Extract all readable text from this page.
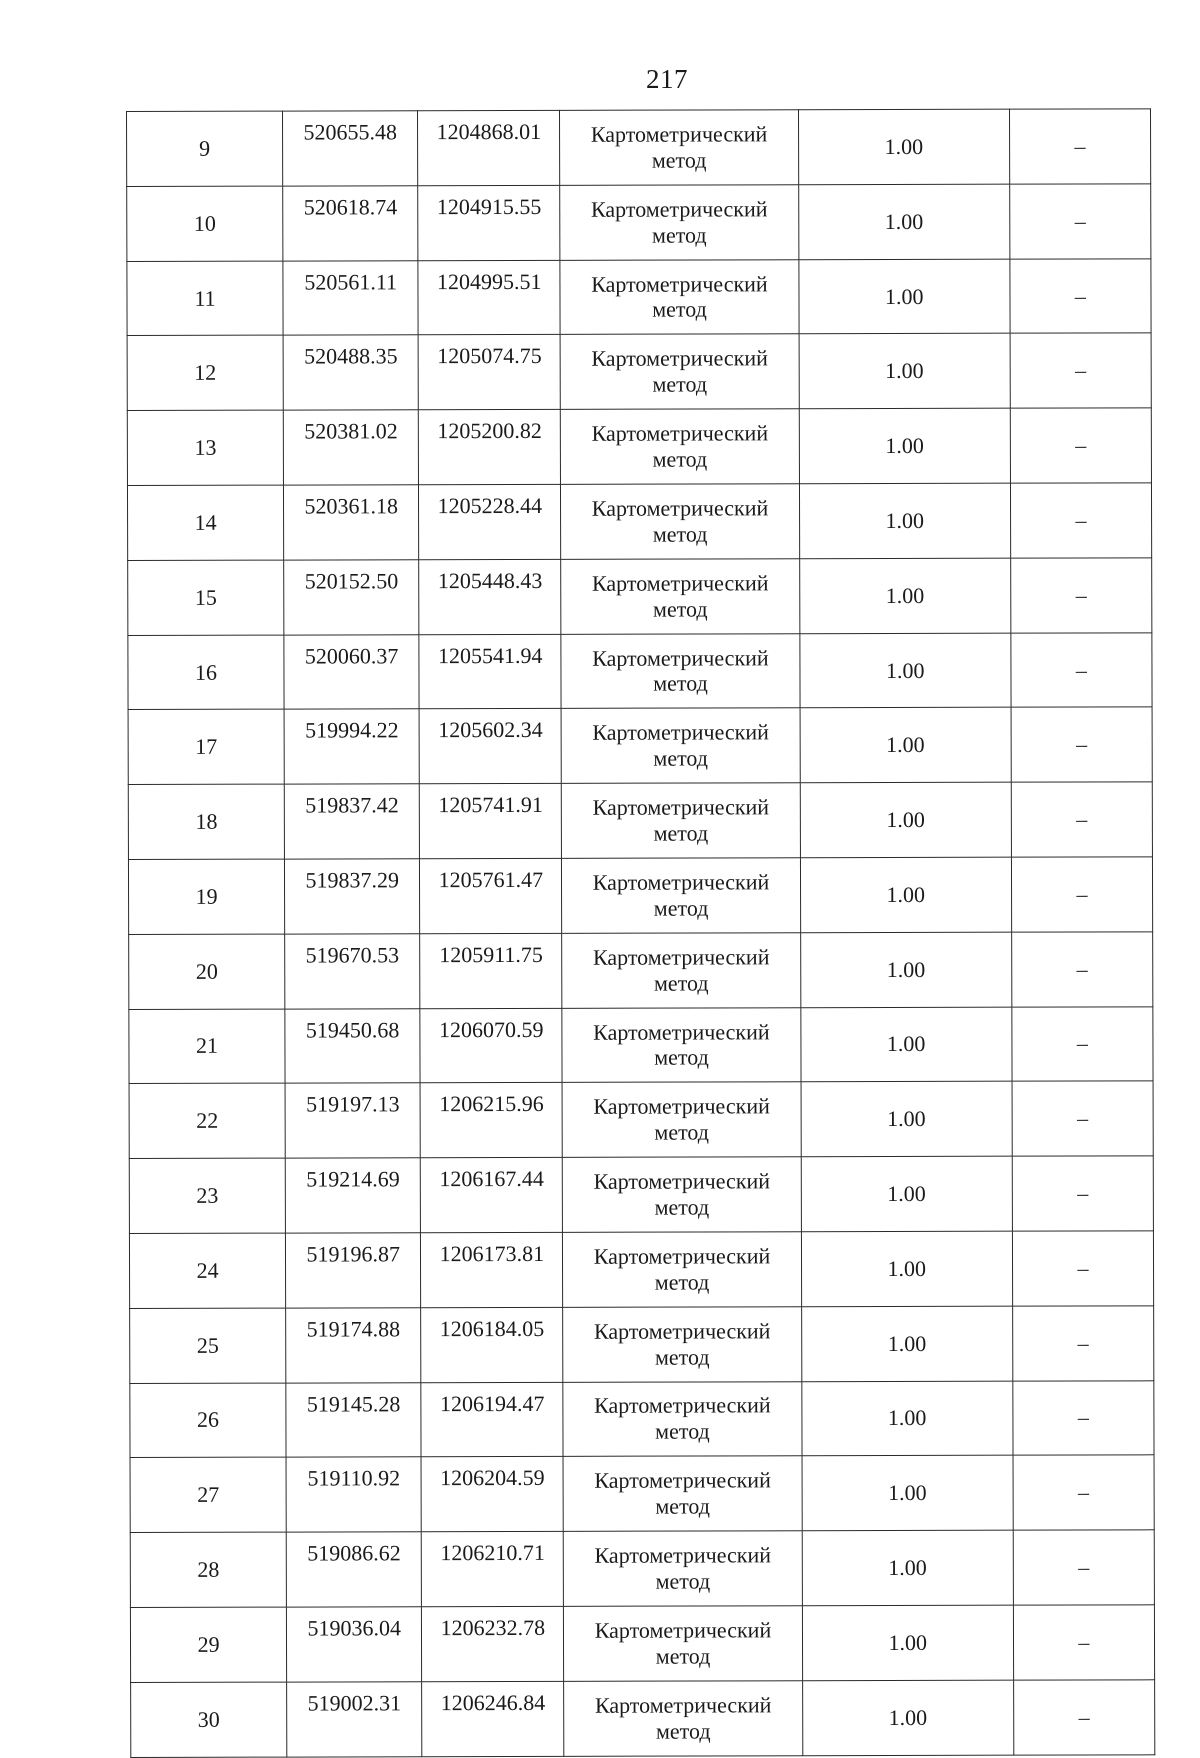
217
9	520655.48	1204868.01	Картометрический
метод	1.00	–
10	520618.74	1204915.55	Картометрический
метод	1.00	–
11	520561.11	1204995.51	Картометрический
метод	1.00	–
12	520488.35	1205074.75	Картометрический
метод	1.00	–
13	520381.02	1205200.82	Картометрический
метод	1.00	–
14	520361.18	1205228.44	Картометрический
метод	1.00	–
15	520152.50	1205448.43	Картометрический
метод	1.00	–
16	520060.37	1205541.94	Картометрический
метод	1.00	–
17	519994.22	1205602.34	Картометрический
метод	1.00	–
18	519837.42	1205741.91	Картометрический
метод	1.00	–
19	519837.29	1205761.47	Картометрический
метод	1.00	–
20	519670.53	1205911.75	Картометрический
метод	1.00	–
21	519450.68	1206070.59	Картометрический
метод	1.00	–
22	519197.13	1206215.96	Картометрический
метод	1.00	–
23	519214.69	1206167.44	Картометрический
метод	1.00	–
24	519196.87	1206173.81	Картометрический
метод	1.00	–
25	519174.88	1206184.05	Картометрический
метод	1.00	–
26	519145.28	1206194.47	Картометрический
метод	1.00	–
27	519110.92	1206204.59	Картометрический
метод	1.00	–
28	519086.62	1206210.71	Картометрический
метод	1.00	–
29	519036.04	1206232.78	Картометрический
метод	1.00	–
30	519002.31	1206246.84	Картометрический
метод	1.00	–
